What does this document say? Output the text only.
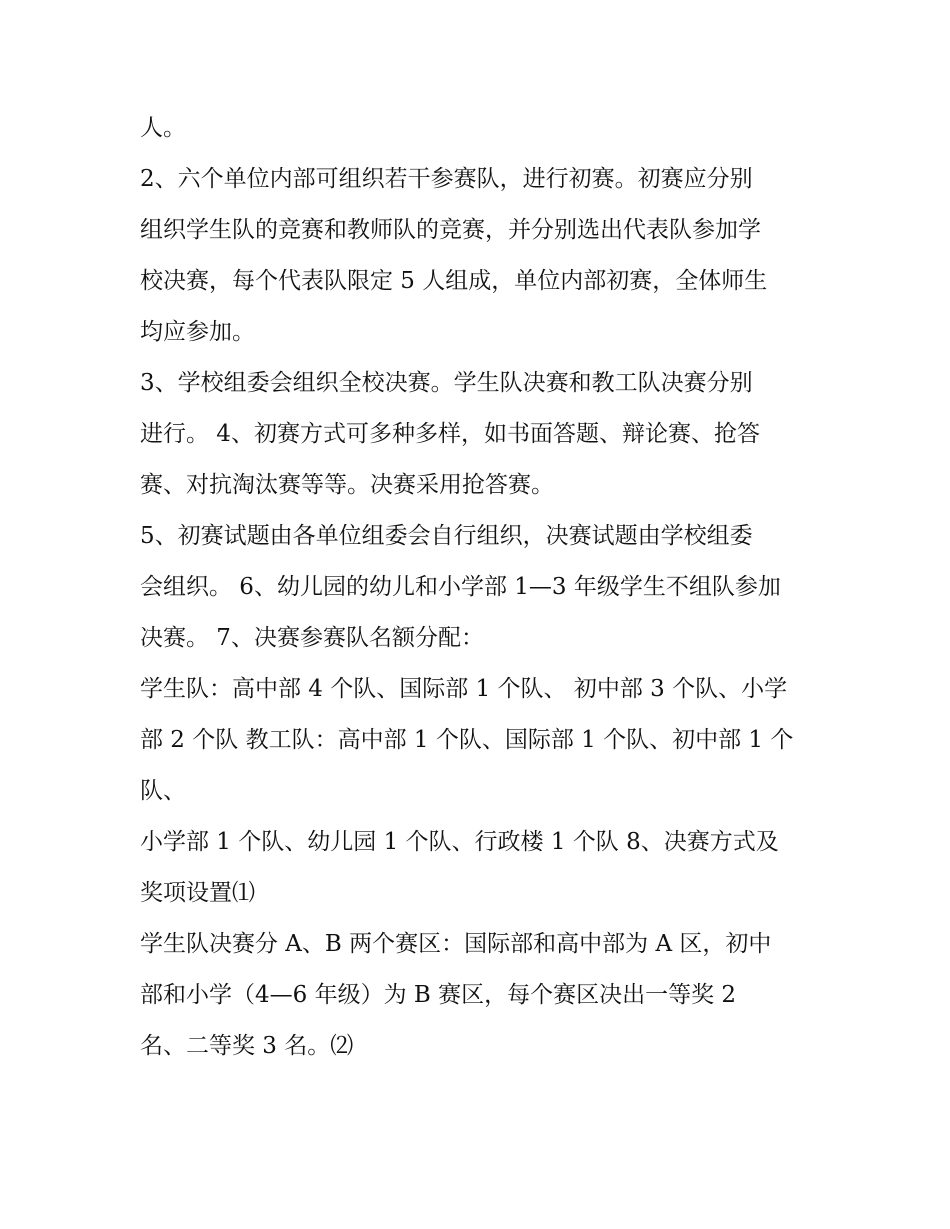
人。
2、六个单位内部可组织若干参赛队，进行初赛。初赛应分别
组织学生队的竞赛和教师队的竞赛，并分别选出代表队参加学
校决赛，每个代表队限定 5 人组成，单位内部初赛，全体师生
均应参加。
3、学校组委会组织全校决赛。学生队决赛和教工队决赛分别
进行。 4、初赛方式可多种多样，如书面答题、辩论赛、抢答
赛、对抗淘汰赛等等。决赛采用抢答赛。
5、初赛试题由各单位组委会自行组织，决赛试题由学校组委
会组织。 6、幼儿园的幼儿和小学部 1—3 年级学生不组队参加
决赛。 7、决赛参赛队名额分配：
学生队：高中部 4 个队、国际部 1 个队、 初中部 3 个队、小学
部 2 个队 教工队：高中部 1 个队、国际部 1 个队、初中部 1 个
队、
小学部 1 个队、幼儿园 1 个队、行政楼 1 个队 8、决赛方式及
奖项设置⑴
学生队决赛分 A、B 两个赛区：国际部和高中部为 A 区，初中
部和小学（4—6 年级）为 B 赛区，每个赛区决出一等奖 2
名、二等奖 3 名。⑵
